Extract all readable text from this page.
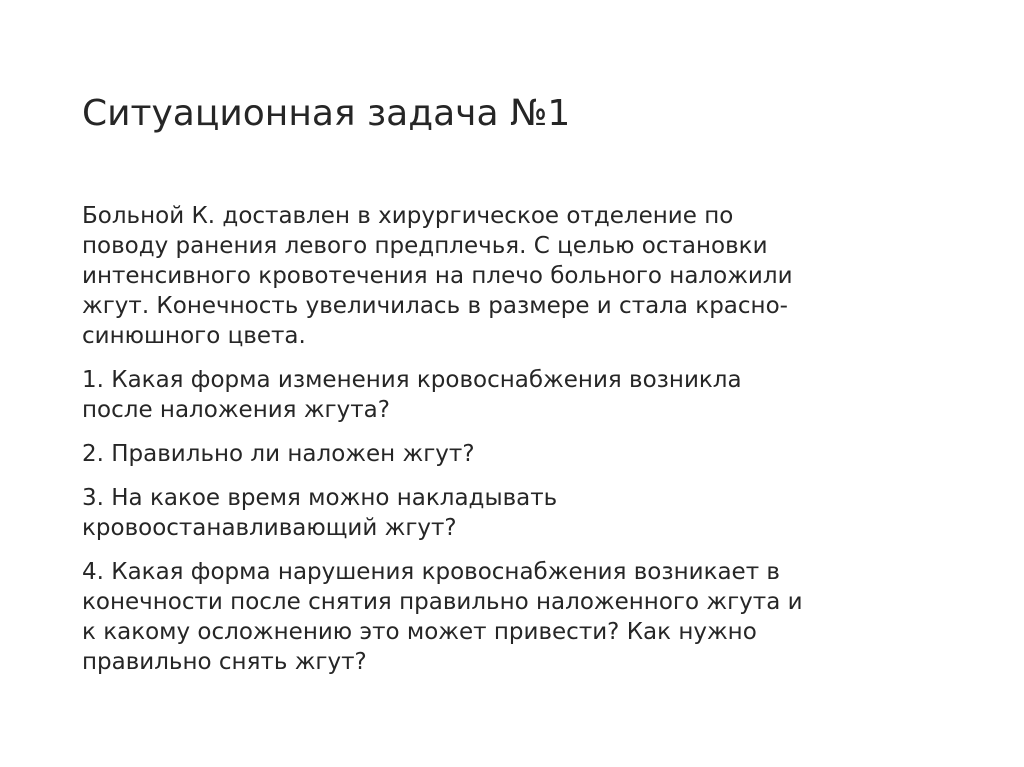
Ситуационная задача №1

Больной К. доставлен в хирургическое отделение по
поводу ранения левого предплечья. С целью остановки
интенсивного кровотечения на плечо больного наложили
жгут. Конечность увеличилась в размере и стала красно-
синюшного цвета.

1. Какая форма изменения кровоснабжения возникла
после наложения жгута?

2. Правильно ли наложен жгут?

3. На какое время можно накладывать
кровоостанавливающий жгут?

4. Какая форма нарушения кровоснабжения возникает в
конечности после снятия правильно наложенного жгута и
к какому осложнению это может привести? Как нужно
правильно снять жгут?
